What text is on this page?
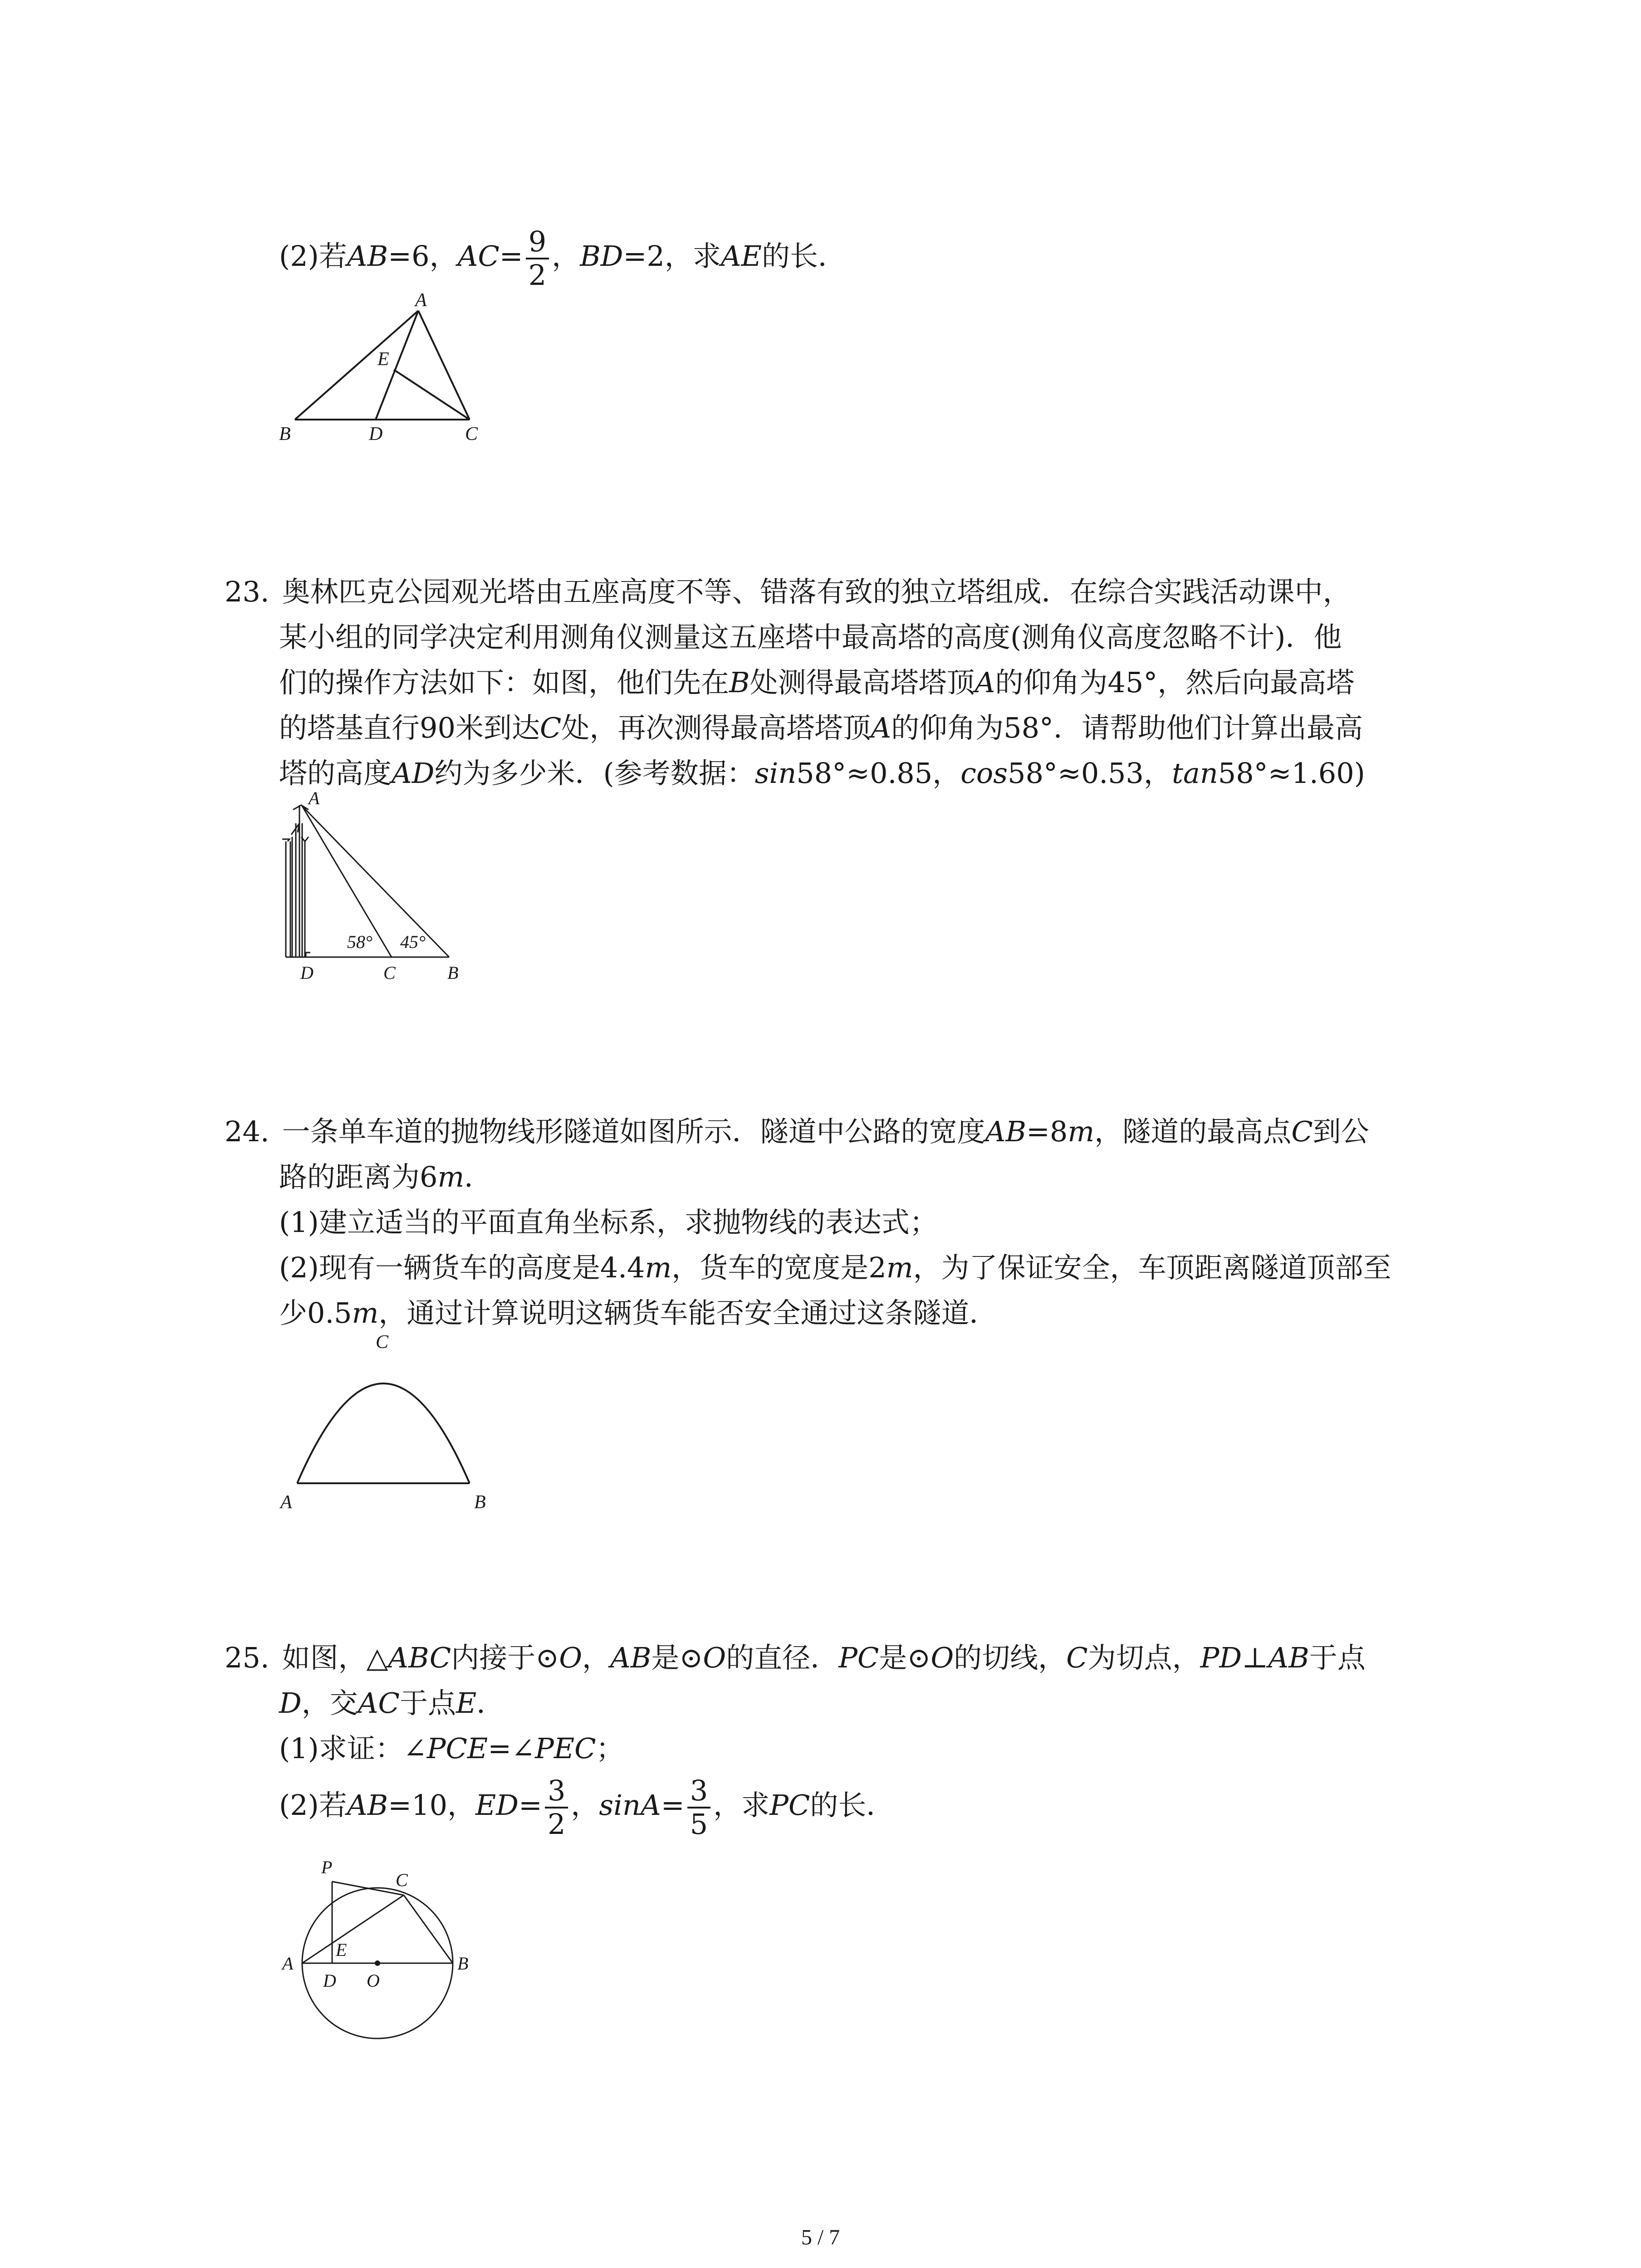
(2)若AB=6，$AC= \frac{9}{2}$ ，BD=2，求AE的长．
A
E
B	D	C
23. 奥林匹克公园观光塔由五座高度不等、错落有致的独立塔组成．在综合实践活动课中，
某小组的同学决定利用测角仪测量这五座塔中最高塔的高度(测角仪高度忽略不计)．他
们的操作方法如下：如图，他们先在B处测得最高塔塔顶A的仰角为45°，然后向最高塔
的塔基直行90米到达C处，再次测得最高塔塔顶A的仰角为58°．请帮助他们计算出最高
塔的高度AD约为多少米．(参考数据：sin58°≈0.85，cos58°≈0.53，tan58°≈1.60)
A
58° 45°
D	C	B
24. 一条单车道的抛物线形隧道如图所示．隧道中公路的宽度AB=8m，隧道的最高点C到公
路的距离为6m．
(1)建立适当的平面直角坐标系，求抛物线的表达式；
(2)现有一辆货车的高度是4.4m，货车的宽度是2m，为了保证安全，车顶距离隧道顶部至
少0.5m，通过计算说明这辆货车能否安全通过这条隧道．
C
A	B
25. 如图，△ABC内接于⊙O，AB是⊙O的直径．PC是⊙O的切线，C为切点，PD⊥AB于点
D，交AC于点E．
(1)求证：∠PCE=∠PEC；
(2)若AB=10，$ED= \frac{3}{2}$ ，$\sin A= \frac{3}{5}$ ，求PC的长．
P
C
A
E
D O
B
5 / 7
